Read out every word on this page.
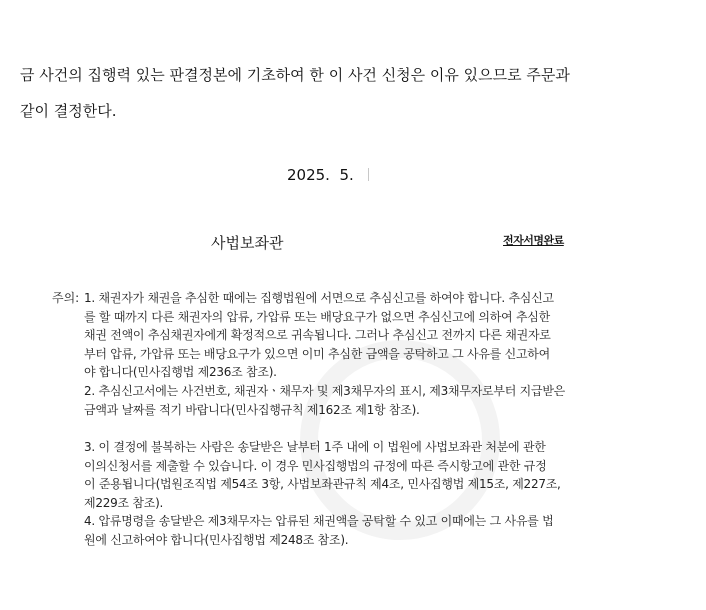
금 사건의 집행력 있는 판결정본에 기초하여 한 이 사건 신청은 이유 있으므로 주문과
같이 결정한다.
2025.  5.
사법보좌관	전자서명완료
주의: 1. 채권자가 채권을 추심한 때에는 집행법원에 서면으로 추심신고를 하여야 합니다. 추심신고
를 할 때까지 다른 채권자의 압류, 가압류 또는 배당요구가 없으면 추심신고에 의하여 추심한
채권 전액이 추심채권자에게 확정적으로 귀속됩니다. 그러나 추심신고 전까지 다른 채권자로
부터 압류, 가압류 또는 배당요구가 있으면 이미 추심한 금액을 공탁하고 그 사유를 신고하여
야 합니다(민사집행법 제236조 참조).
2. 추심신고서에는 사건번호, 채권자ㆍ채무자 및 제3채무자의 표시, 제3채무자로부터 지급받은
금액과 날짜를 적기 바랍니다(민사집행규칙 제162조 제1항 참조).
3. 이 결정에 불복하는 사람은 송달받은 날부터 1주 내에 이 법원에 사법보좌관 처분에 관한
이의신청서를 제출할 수 있습니다. 이 경우 민사집행법의 규정에 따른 즉시항고에 관한 규정
이 준용됩니다(법원조직법 제54조 3항, 사법보좌관규칙 제4조, 민사집행법 제15조, 제227조,
제229조 참조).
4. 압류명령을 송달받은 제3채무자는 압류된 채권액을 공탁할 수 있고 이때에는 그 사유를 법
원에 신고하여야 합니다(민사집행법 제248조 참조).
